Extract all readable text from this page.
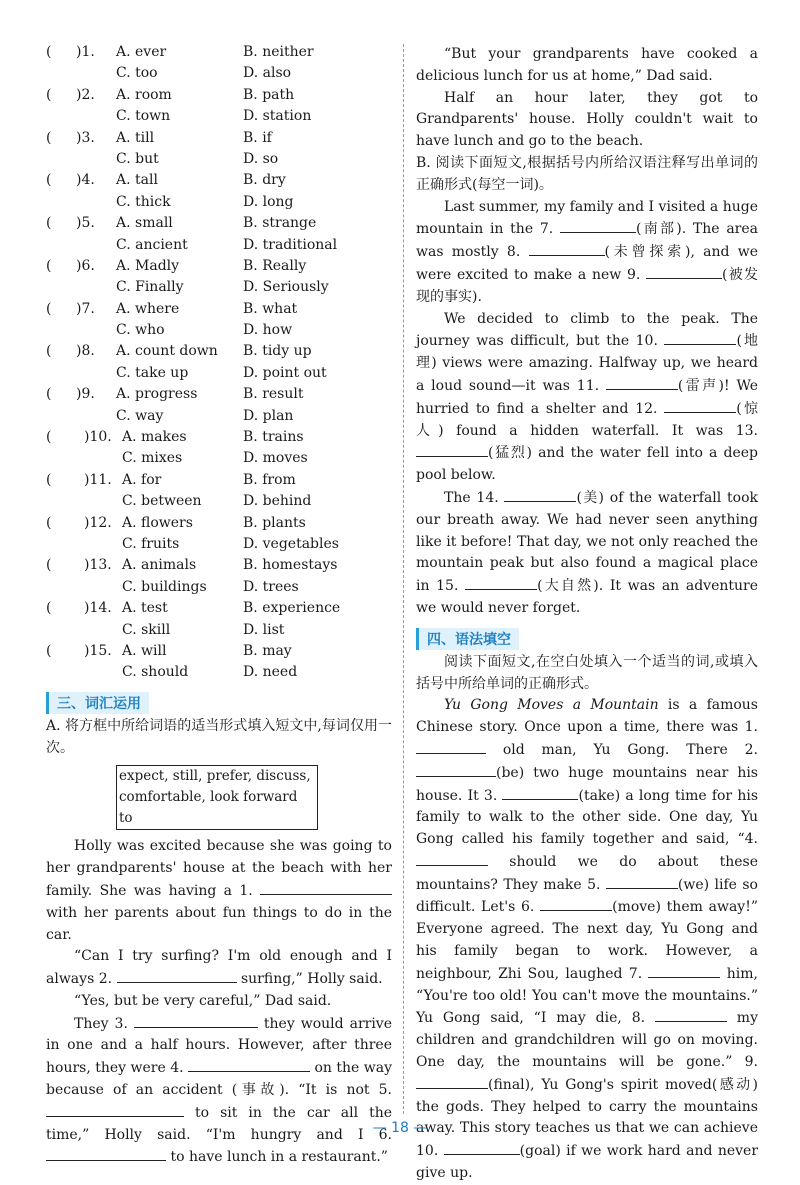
( )1. A. ever	B. neither
C. too	D. also
( )2. A. room	B. path
C. town	D. station
( )3. A. till	B. if
C. but	D. so
( )4. A. tall	B. dry
C. thick	D. long
( )5. A. small	B. strange
C. ancient	D. traditional
( )6. A. Madly	B. Really
C. Finally	D. Seriously
( )7. A. where	B. what
C. who	D. how
( )8. A. count down B. tidy up
C. take up	D. point out
( )9. A. progress	B. result
C. way	D. plan
( )10. A. makes	B. trains
C. mixes	D. moves
( )11. A. for	B. from
C. between	D. behind
( )12. A. flowers	B. plants
C. fruits	D. vegetables
( )13. A. animals	B. homestays
C. buildings	D. trees
( )14. A. test	B. experience
C. skill	D. list
( )15. A. will	B. may
C. should	D. need
三、词汇运用

A. 将方框中所给词语的适当形式填入短文中,每词仅用一次。

expect, still, prefer, discuss,
comfortable, look forward to

Holly was excited because she was going to her grandparents' house at the beach with her family. She was having a 1.  with her parents about fun things to do in the car.

“Can I try surfing? I'm old enough and I always 2.	surfing,” Holly said.

“Yes, but be very careful,” Dad said.

They 3.	they would arrive in one and a half hours. However, after three hours, they were 4.	on the way because of an accident (事故). “It is not 5.  to sit in the car all the time,” Holly said. “I'm hungry and I 6.  to have lunch in a restaurant.”

“But your grandparents have cooked a delicious lunch for us at home,” Dad said.

Half an hour later, they got to Grandparents' house. Holly couldn't wait to have lunch and go to the beach.

B. 阅读下面短文,根据括号内所给汉语注释写出单词的正确形式(每空一词)。

Last summer, my family and I visited a huge mountain in the 7.	(南部). The area was mostly 8.	(未曾探索), and we were excited to make a new 9.	(被发现的事实).

We decided to climb to the peak. The journey was difficult, but the 10.	(地理) views were amazing. Halfway up, we heard a loud sound—it was 11.	(雷声)! We hurried to find a shelter and 12.	(惊人) found a hidden waterfall. It was 13. (猛烈) and the water fell into a deep pool below.

The 14.	(美) of the waterfall took our breath away. We had never seen anything like it before! That day, we not only reached the mountain peak but also found a magical place in 15.	(大自然). It was an adventure we would never forget.

四、语法填空

阅读下面短文,在空白处填入一个适当的词,或填入括号中所给单词的正确形式。

Yu Gong Moves a Mountain is a famous Chinese story. Once upon a time, there was 1.  old man, Yu Gong. There 2. (be) two huge mountains near his house. It 3.	(take) a long time for his family to walk to the other side. One day, Yu Gong called his family together and said, “4.  should we do about these mountains? They make 5.	(we) life so difficult. Let's 6.	(move) them away!” Everyone agreed. The next day, Yu Gong and his family began to work. However, a neighbour, Zhi Sou, laughed 7.	him, “You're too old! You can't move the mountains.” Yu Gong said, “I may die, 8.	my children and grandchildren will go on moving. One day, the mountains will be gone.” 9. (final), Yu Gong's spirit moved(感动) the gods. They helped to carry the mountains away. This story teaches us that we can achieve 10.	(goal) if we work hard and never give up.

— 18 —
